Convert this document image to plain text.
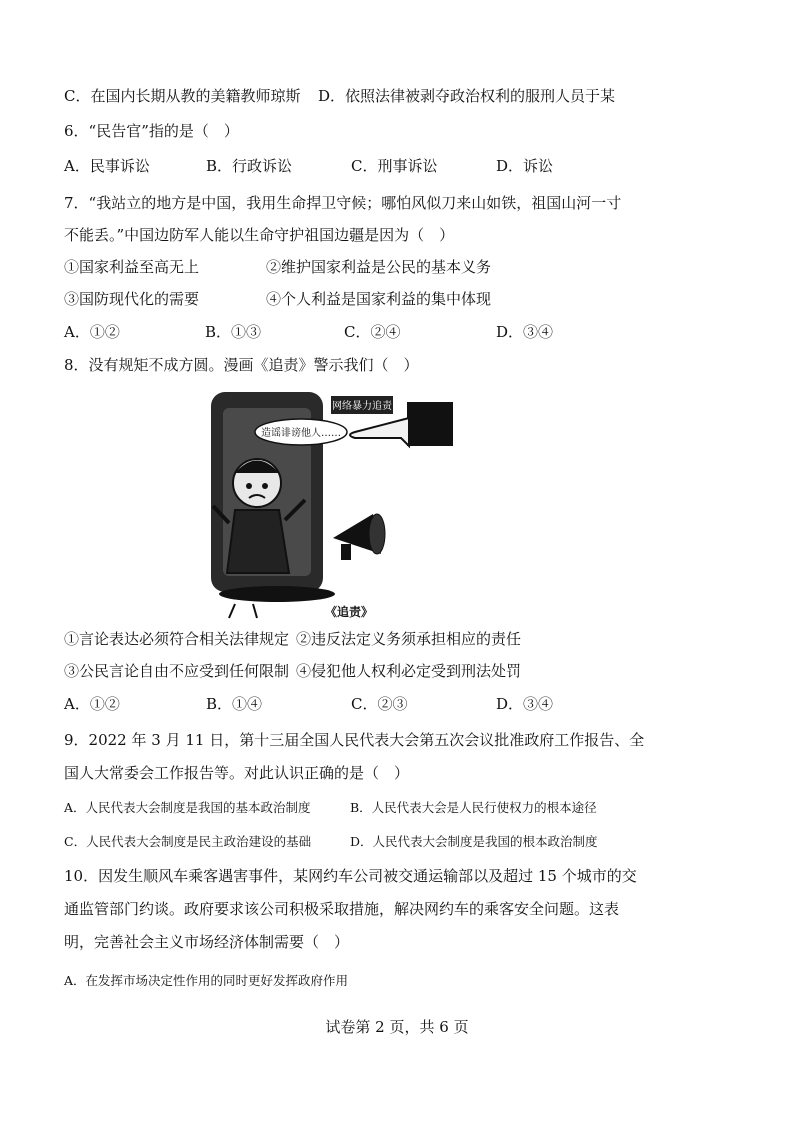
C．在国内长期从教的美籍教师琼斯 D．依照法律被剥夺政治权利的服刑人员于某
6．“民告官”指的是（　）
A．民事诉讼	B．行政诉讼	C．刑事诉讼	D．诉讼
7．“我站立的地方是中国，我用生命捍卫守候；哪怕风似刀来山如铁，祖国山河一寸
不能丢。”中国边防军人能以生命守护祖国边疆是因为（　）
①国家利益至高无上	②维护国家利益是公民的基本义务
③国防现代化的需要	④个人利益是国家利益的集中体现
A．①②	B．①③	C．②④	D．③④
8．没有规矩不成方圆。漫画《追责》警示我们（　）
网络暴力追责
造谣诽谤他人……
《追责》
①言论表达必须符合相关法律规定 ②违反法定义务须承担相应的责任
③公民言论自由不应受到任何限制 ④侵犯他人权利必定受到刑法处罚
A．①②	B．①④	C．②③	D．③④
9．2022 年 3 月 11 日，第十三届全国人民代表大会第五次会议批准政府工作报告、全
国人大常委会工作报告等。对此认识正确的是（　）
A．人民代表大会制度是我国的基本政治制度	B．人民代表大会是人民行使权力的根本途径
C．人民代表大会制度是民主政治建设的基础	D．人民代表大会制度是我国的根本政治制度
10．因发生顺风车乘客遇害事件，某网约车公司被交通运输部以及超过 15 个城市的交
通监管部门约谈。政府要求该公司积极采取措施，解决网约车的乘客安全问题。这表
明，完善社会主义市场经济体制需要（　）
A．在发挥市场决定性作用的同时更好发挥政府作用
试卷第 2 页，共 6 页
